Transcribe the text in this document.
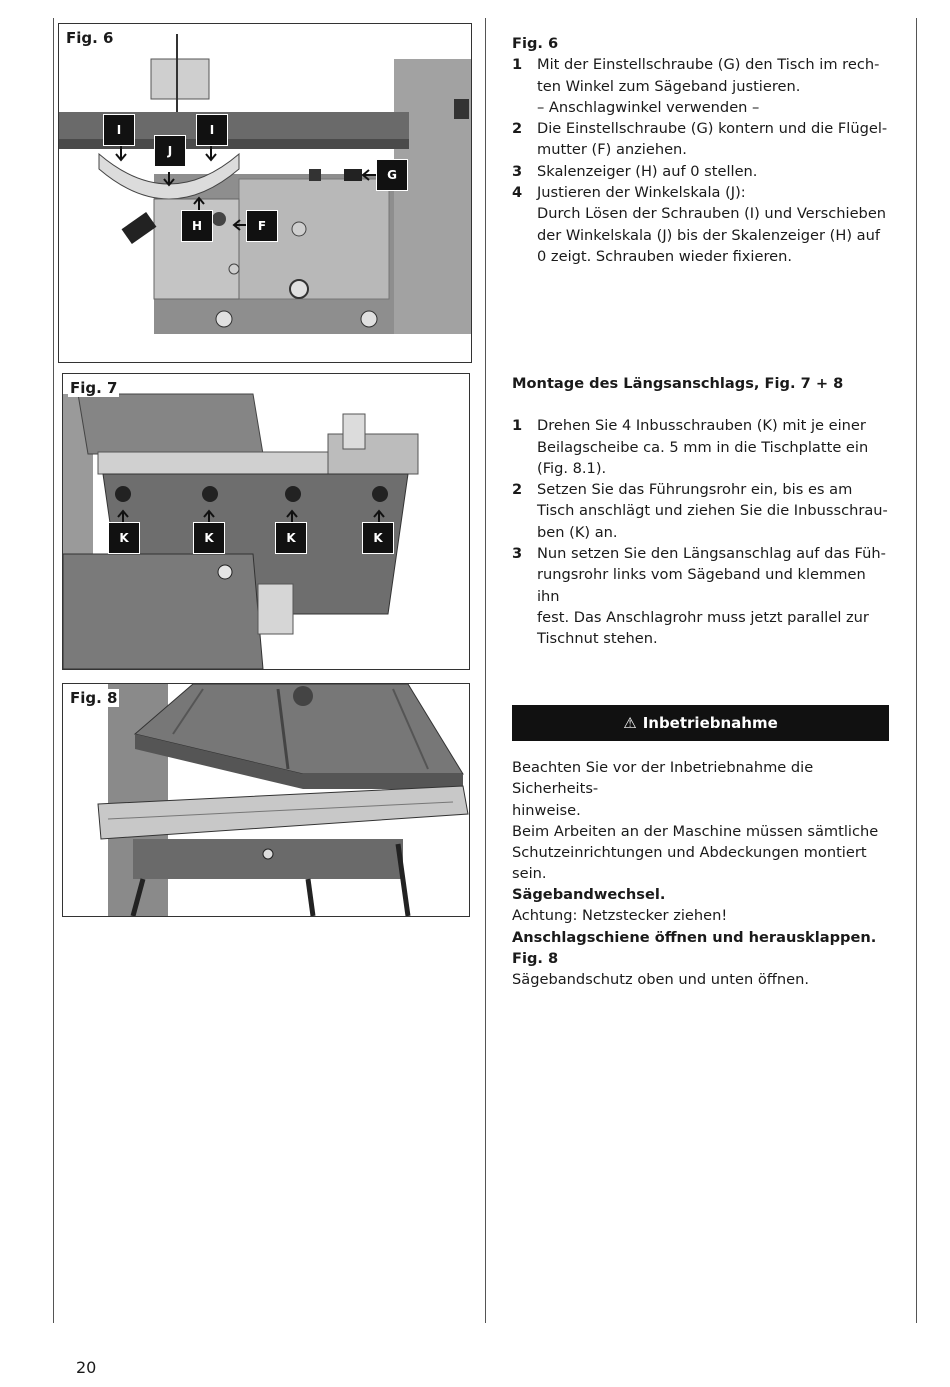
Fig. 6
I
J
I
G
H	F
Fig. 7
K	K	K	K
Fig. 8
Fig. 6
1 Mit der Einstellschraube (G) den Tisch im rech-
ten Winkel zum Sägeband justieren.
– Anschlagwinkel verwenden –
2 Die Einstellschraube (G) kontern und die Flügel-
mutter (F) anziehen.
3 Skalenzeiger (H) auf 0 stellen.
4 Justieren der Winkelskala (J):
Durch Lösen der Schrauben (I) und Verschieben
der Winkelskala (J) bis der Skalenzeiger (H) auf
0 zeigt. Schrauben wieder fixieren.
Montage des Längsanschlags, Fig. 7 + 8
1 Drehen Sie 4 Inbusschrauben (K) mit je einer
Beilagscheibe ca. 5 mm in die Tischplatte ein
(Fig. 8.1).
2 Setzen Sie das Führungsrohr ein, bis es am
Tisch anschlägt und ziehen Sie die Inbusschrau-
ben (K) an.
3 Nun setzen Sie den Längsanschlag auf das Füh-
rungsrohr links vom Sägeband und klemmen ihn
fest. Das Anschlagrohr muss jetzt parallel zur
Tischnut stehen.
⚠ Inbetriebnahme
Beachten Sie vor der Inbetriebnahme die Sicherheits-
hinweise.
Beim Arbeiten an der Maschine müssen sämtliche
Schutzeinrichtungen und Abdeckungen montiert sein.
Sägebandwechsel.
Achtung: Netzstecker ziehen!
Anschlagschiene öffnen und herausklappen. Fig. 8
Sägebandschutz oben und unten öffnen.
20
